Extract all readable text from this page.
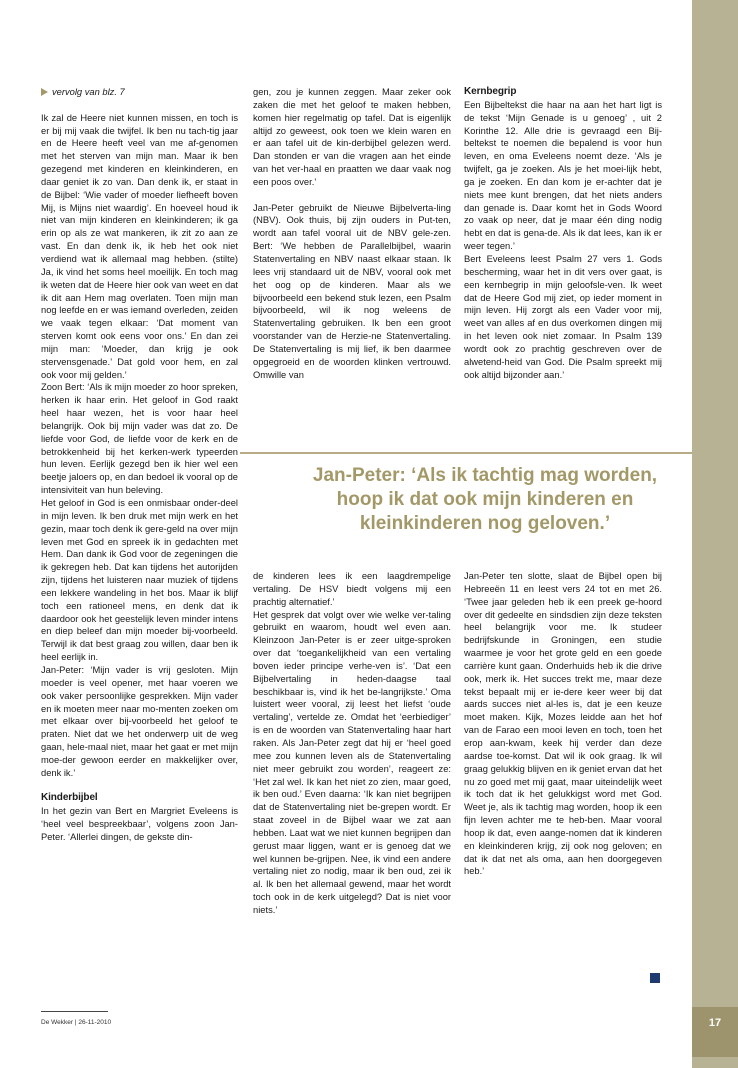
vervolg van blz. 7

Ik zal de Heere niet kunnen missen, en toch is er bij mij vaak die twijfel. Ik ben nu tach-tig jaar en de Heere heeft veel van me af-genomen met het sterven van mijn man. Maar ik ben gezegend met kinderen en kleinkinderen, en daar geniet ik zo van. Dan denk ik, er staat in de Bijbel: ‘Wie vader of moeder liefheeft boven Mij, is Mijns niet waardig’. En hoeveel houd ik niet van mijn kinderen en kleinkinderen; ik ga erin op als ze wat mankeren, ik zit zo aan ze vast. En dan denk ik, ik heb het ook niet verdiend wat ik allemaal mag hebben. (stilte) Ja, ik vind het soms heel moeilijk. En toch mag ik weten dat de Heere hier ook van weet en dat ik dit aan Hem mag overlaten. Toen mijn man nog leefde en er was iemand overleden, zeiden we vaak tegen elkaar: ‘Dat moment van sterven komt ook eens voor ons.’ En dan zei mijn man: ‘Moeder, dan krijg je ook stervensgenade.’ Dat gold voor hem, en zal ook voor mij gelden.’

Zoon Bert: ‘Als ik mijn moeder zo hoor spreken, herken ik haar erin. Het geloof in God raakt heel haar wezen, het is voor haar heel belangrijk. Ook bij mijn vader was dat zo. De liefde voor God, de liefde voor de kerk en de betrokkenheid bij het kerken-werk typeerden hun leven. Eerlijk gezegd ben ik hier wel een beetje jaloers op, en dan bedoel ik vooral op de intensiviteit van hun beleving.

Het geloof in God is een onmisbaar onder-deel in mijn leven. Ik ben druk met mijn werk en het gezin, maar toch denk ik gere-geld na over mijn leven met God en spreek ik in gedachten met Hem. Dan dank ik God voor de zegeningen die ik gekregen heb. Dat kan tijdens het autorijden zijn, tijdens het luisteren naar muziek of tijdens een lekkere wandeling in het bos. Maar ik blijf toch een rationeel mens, en denk dat ik daardoor ook het geestelijk leven minder intens en diep beleef dan mijn moeder bij-voorbeeld. Terwijl ik dat best graag zou willen, daar ben ik heel eerlijk in.

Jan-Peter: ‘Mijn vader is vrij gesloten. Mijn moeder is veel opener, met haar voeren we ook vaker persoonlijke gesprekken. Mijn vader en ik moeten meer naar mo-menten zoeken om met elkaar over bij-voorbeeld het geloof te praten. Niet dat we het onderwerp uit de weg gaan, hele-maal niet, maar het gaat er met mijn moe-der gewoon eerder en makkelijker over, denk ik.’

Kinderbijbel

In het gezin van Bert en Margriet Eveleens is ‘heel veel bespreekbaar’, volgens zoon Jan-Peter. ‘Allerlei dingen, de gekste din-

gen, zou je kunnen zeggen. Maar zeker ook zaken die met het geloof te maken hebben, komen hier regelmatig op tafel. Dat is eigenlijk altijd zo geweest, ook toen we klein waren en er aan tafel uit de kin-derbijbel gelezen werd. Dan stonden er van die vragen aan het einde van het ver-haal en praatten we daar vaak nog een poos over.’

Jan-Peter gebruikt de Nieuwe Bijbelverta-ling (NBV). Ook thuis, bij zijn ouders in Put-ten, wordt aan tafel vooral uit de NBV gele-zen. Bert: ‘We hebben de Parallelbijbel, waarin Statenvertaling en NBV naast elkaar staan. Ik lees vrij standaard uit de NBV, vooral ook met het oog op de kinderen. Maar als we bijvoorbeeld een bekend stuk lezen, een Psalm bijvoorbeeld, wil ik nog weleens de Statenvertaling gebruiken. Ik ben een groot voorstander van de Herzie-ne Statenvertaling. De Statenvertaling is mij lief, ik ben daarmee opgegroeid en de woorden klinken vertrouwd. Omwille van

Kernbegrip

Een Bijbeltekst die haar na aan het hart ligt is de tekst ‘Mijn Genade is u genoeg’ , uit 2 Korinthe 12. Alle drie is gevraagd een Bij-beltekst te noemen die bepalend is voor hun leven, en oma Eveleens noemt deze. ‘Als je twijfelt, ga je zoeken. Als je het moei-lijk hebt, ga je zoeken. En dan kom je er-achter dat je niets mee kunt brengen, dat het niets anders dan genade is. Daar komt het in Gods Woord zo vaak op neer, dat je maar één ding nodig hebt en dat is gena-de. Als ik dat lees, kan ik er weer tegen.’

Bert Eveleens leest Psalm 27 vers 1. Gods bescherming, waar het in dit vers over gaat, is een kernbegrip in mijn geloofsle-ven. Ik weet dat de Heere God mij ziet, op ieder moment in mijn leven. Hij zorgt als een Vader voor mij, weet van alles af en dus overkomen dingen mij in het leven ook niet zomaar. In Psalm 139 wordt ook zo prachtig geschreven over de alwetend-heid van God. Die Psalm spreekt mij ook altijd bijzonder aan.’

Jan-Peter: ‘Als ik tachtig mag worden,
hoop ik dat ook mijn kinderen en
kleinkinderen nog geloven.’

de kinderen lees ik een laagdrempelige vertaling. De HSV biedt volgens mij een prachtig alternatief.’

Het gesprek dat volgt over wie welke ver-taling gebruikt en waarom, houdt wel even aan. Kleinzoon Jan-Peter is er zeer uitge-sproken over dat ‘toegankelijkheid van een vertaling boven ieder principe verhe-ven is’. ‘Dat een Bijbelvertaling in heden-daagse taal beschikbaar is, vind ik het be-langrijkste.’ Oma luistert weer vooral, zij leest het liefst ‘oude vertaling’, vertelde ze. Omdat het ‘eerbiediger’ is en de woorden van Statenvertaling haar hart raken. Als Jan-Peter zegt dat hij er ‘heel goed mee zou kunnen leven als de Statenvertaling niet meer gebruikt zou worden’, reageert ze: ‘Het zal wel. Ik kan het niet zo zien, maar goed, ik ben oud.’ Even daarna: ‘Ik kan niet begrijpen dat de Statenvertaling niet be-grepen wordt. Er staat zoveel in de Bijbel waar we zat aan hebben. Laat wat we niet kunnen begrijpen dan gerust maar liggen, want er is genoeg dat we wel kunnen be-grijpen. Nee, ik vind een andere vertaling niet zo nodig, maar ik ben oud, zei ik al. Ik ben het allemaal gewend, maar het wordt toch ook in de kerk uitgelegd? Dat is niet voor niets.’

Jan-Peter ten slotte, slaat de Bijbel open bij Hebreeën 11 en leest vers 24 tot en met 26. ‘Twee jaar geleden heb ik een preek ge-hoord over dit gedeelte en sindsdien zijn deze teksten heel belangrijk voor me. Ik studeer bedrijfskunde in Groningen, een studie waarmee je voor het grote geld en een goede carrière kunt gaan. Onderhuids heb ik die drive ook, merk ik. Het succes trekt me, maar deze tekst bepaalt mij er ie-dere keer weer bij dat aards succes niet al-les is, dat je een keuze moet maken. Kijk, Mozes leidde aan het hof van de Farao een mooi leven en toch, toen het erop aan-kwam, keek hij verder dan deze aardse toe-komst. Dat wil ik ook graag. Ik wil graag gelukkig blijven en ik geniet ervan dat het nu zo goed met mij gaat, maar uiteindelijk weet ik toch dat ik het gelukkigst word met God. Weet je, als ik tachtig mag worden, hoop ik een fijn leven achter me te heb-ben. Maar vooral hoop ik dat, even aange-nomen dat ik kinderen en kleinkinderen krijg, zij ook nog geloven; en dat ik dat net als oma, aan hen doorgegeven heb.’

17
De Wekker | 26-11-2010
